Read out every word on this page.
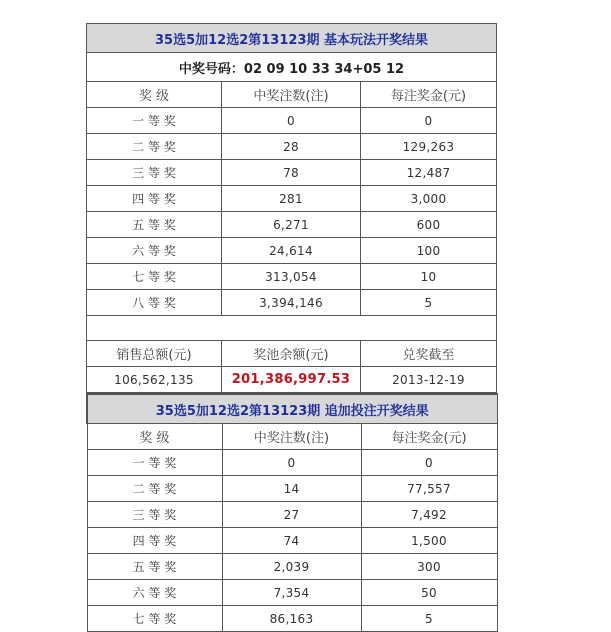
35选5加12选2第13123期 基本玩法开奖结果		
中奖号码：02 09 10 33 34+05 12		
奖 级	中奖注数(注)	每注奖金(元)
一 等 奖	0	0
二 等 奖	28	129,263
三 等 奖	78	12,487
四 等 奖	281	3,000
五 等 奖	6,271	600
六 等 奖	24,614	100
七 等 奖	313,054	10
八 等 奖	3,394,146	5

销售总额(元)	奖池余额(元)	兑奖截至
106,562,135	201,386,997.53	2013-12-19
35选5加12选2第13123期 追加投注开奖结果		
奖 级	中奖注数(注)	每注奖金(元)
一 等 奖	0	0
二 等 奖	14	77,557
三 等 奖	27	7,492
四 等 奖	74	1,500
五 等 奖	2,039	300
六 等 奖	7,354	50
七 等 奖	86,163	5
